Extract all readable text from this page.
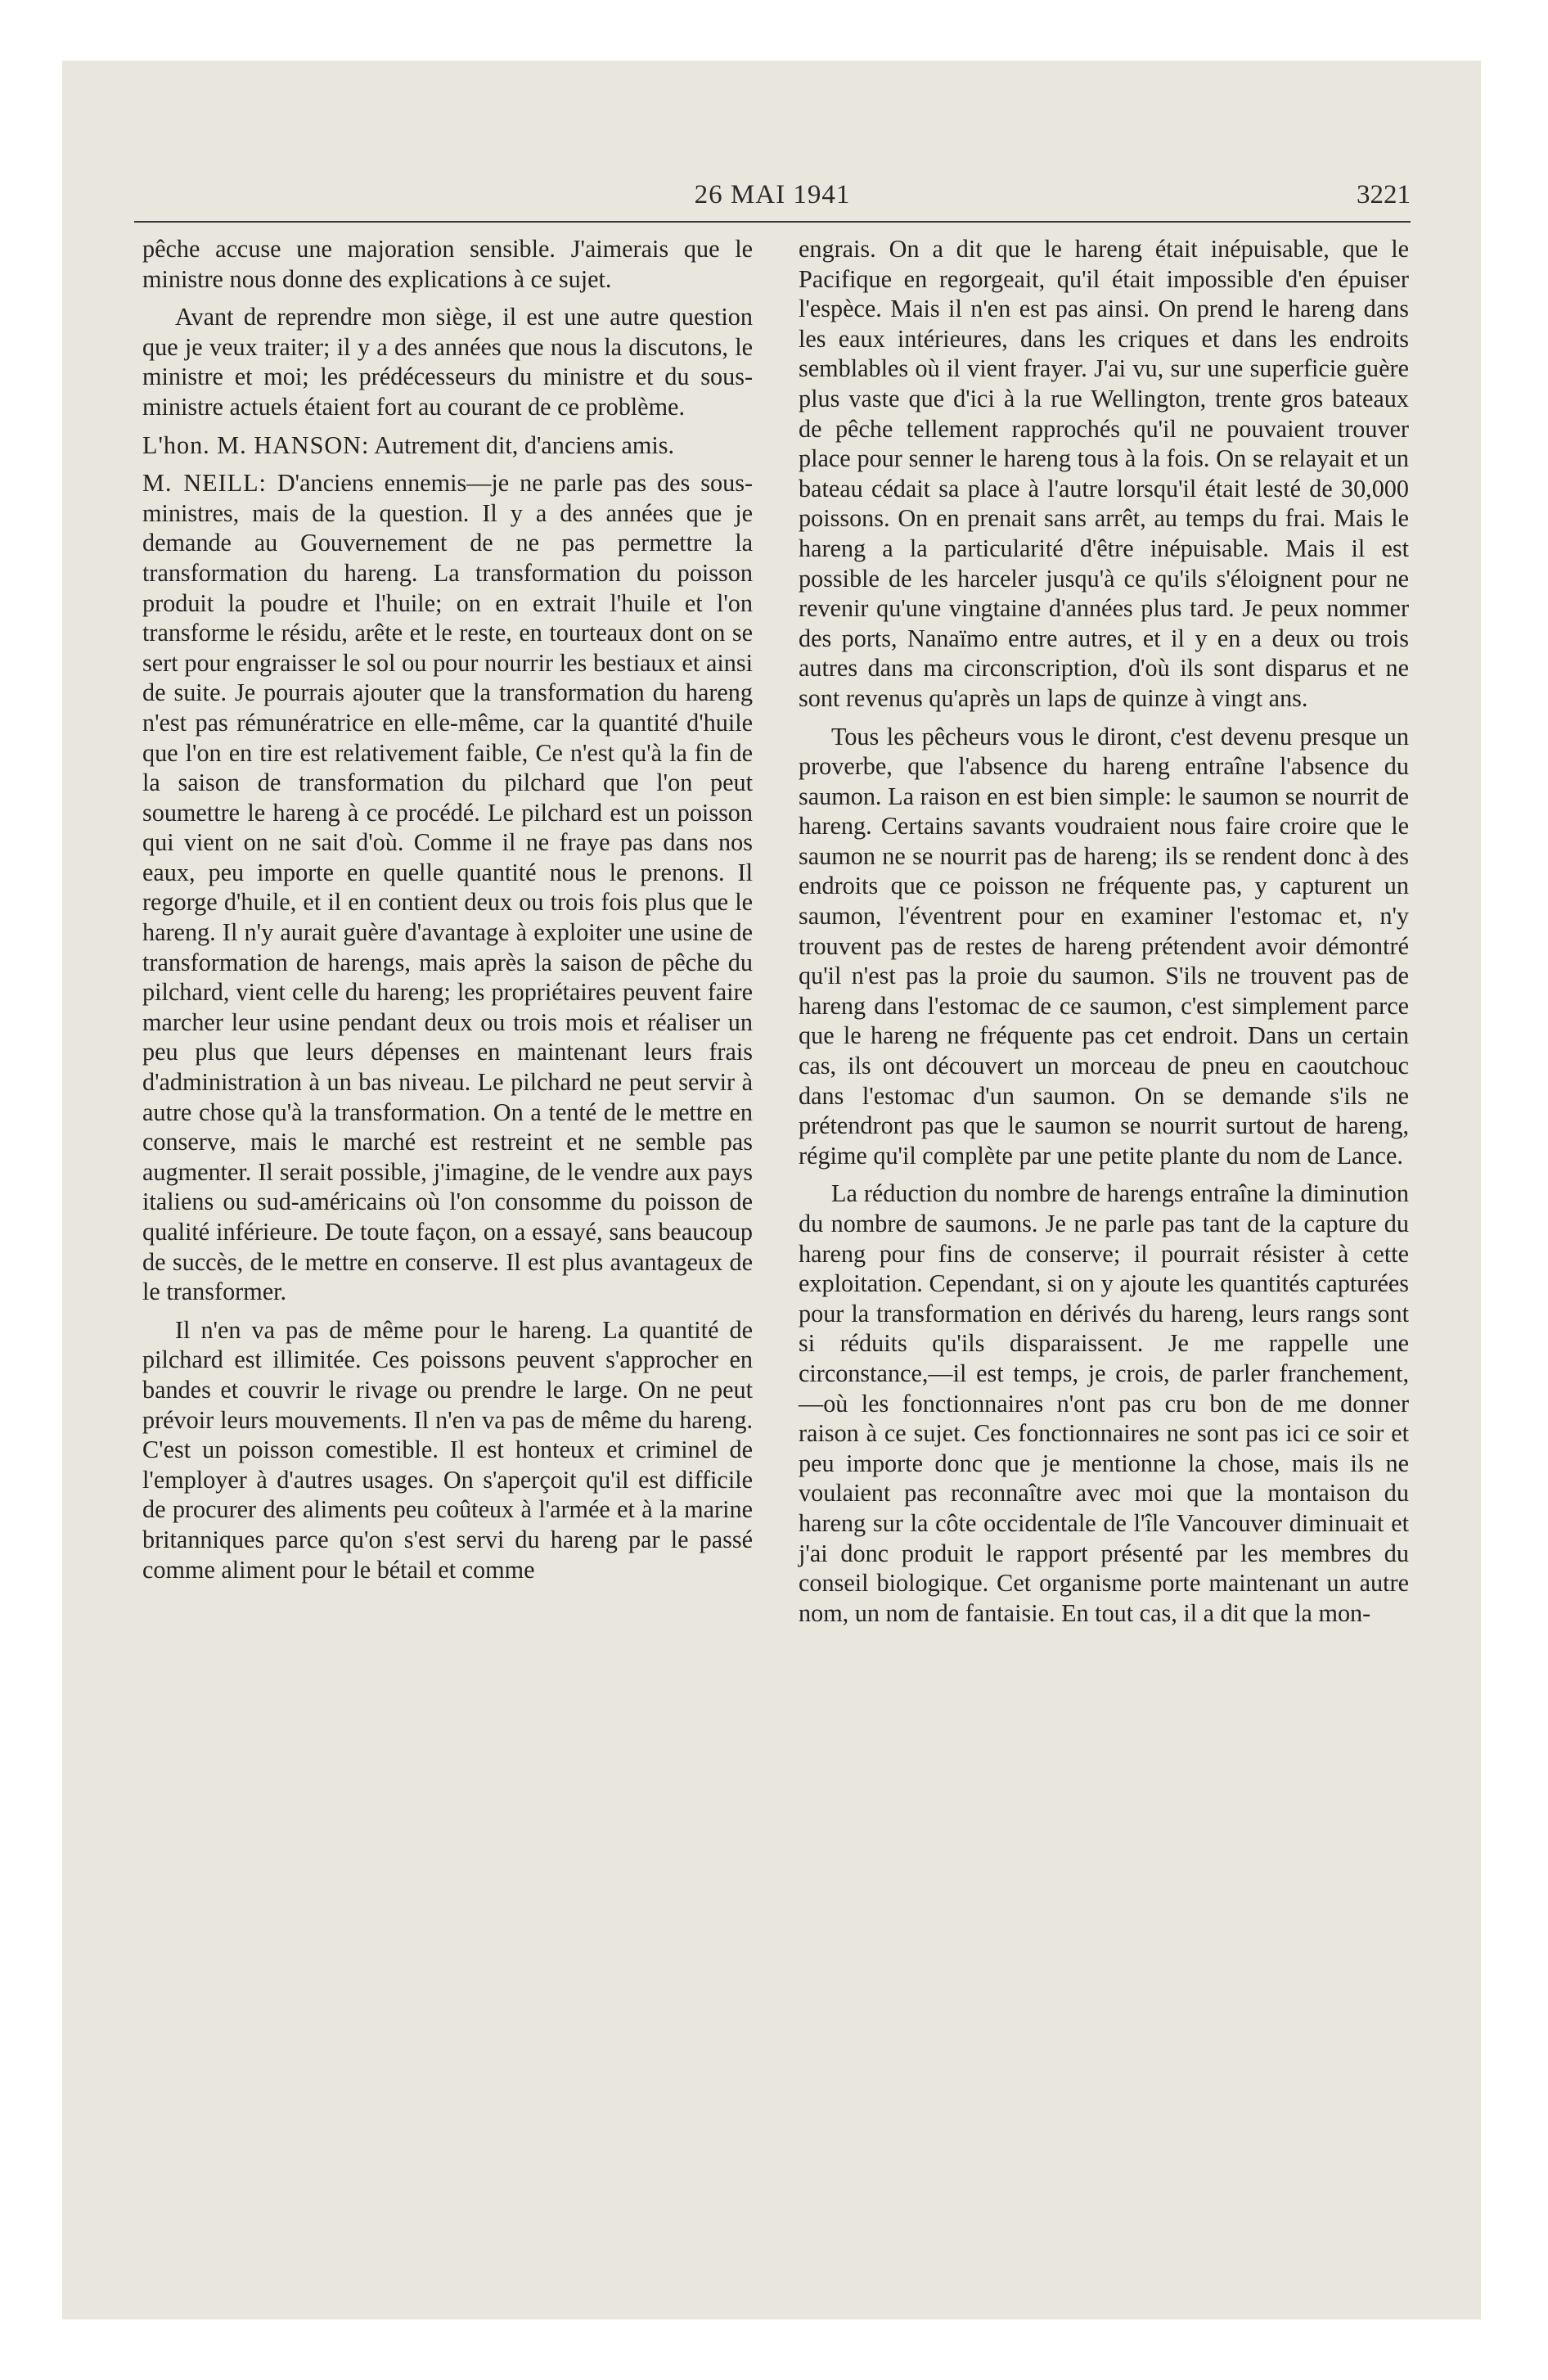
26 MAI 1941	3221

pêche accuse une majoration sensible. J'aimerais que le ministre nous donne des explications à ce sujet.

Avant de reprendre mon siège, il est une autre question que je veux traiter; il y a des années que nous la discutons, le ministre et moi; les prédécesseurs du ministre et du sous-ministre actuels étaient fort au courant de ce problème.

L'hon. M. HANSON: Autrement dit, d'anciens amis.

M. NEILL: D'anciens ennemis—je ne parle pas des sous-ministres, mais de la question. Il y a des années que je demande au Gouvernement de ne pas permettre la transformation du hareng. La transformation du poisson produit la poudre et l'huile; on en extrait l'huile et l'on transforme le résidu, arête et le reste, en tourteaux dont on se sert pour engraisser le sol ou pour nourrir les bestiaux et ainsi de suite. Je pourrais ajouter que la transformation du hareng n'est pas rémunératrice en elle-même, car la quantité d'huile que l'on en tire est relativement faible, Ce n'est qu'à la fin de la saison de transformation du pilchard que l'on peut soumettre le hareng à ce procédé. Le pilchard est un poisson qui vient on ne sait d'où. Comme il ne fraye pas dans nos eaux, peu importe en quelle quantité nous le prenons. Il regorge d'huile, et il en contient deux ou trois fois plus que le hareng. Il n'y aurait guère d'avantage à exploiter une usine de transformation de harengs, mais après la saison de pêche du pilchard, vient celle du hareng; les propriétaires peuvent faire marcher leur usine pendant deux ou trois mois et réaliser un peu plus que leurs dépenses en maintenant leurs frais d'administration à un bas niveau. Le pilchard ne peut servir à autre chose qu'à la transformation. On a tenté de le mettre en conserve, mais le marché est restreint et ne semble pas augmenter. Il serait possible, j'imagine, de le vendre aux pays italiens ou sud-américains où l'on consomme du poisson de qualité inférieure. De toute façon, on a essayé, sans beaucoup de succès, de le mettre en conserve. Il est plus avantageux de le transformer.

Il n'en va pas de même pour le hareng. La quantité de pilchard est illimitée. Ces poissons peuvent s'approcher en bandes et couvrir le rivage ou prendre le large. On ne peut prévoir leurs mouvements. Il n'en va pas de même du hareng. C'est un poisson comestible. Il est honteux et criminel de l'employer à d'autres usages. On s'aperçoit qu'il est difficile de procurer des aliments peu coûteux à l'armée et à la marine britanniques parce qu'on s'est servi du hareng par le passé comme aliment pour le bétail et comme

engrais. On a dit que le hareng était inépuisable, que le Pacifique en regorgeait, qu'il était impossible d'en épuiser l'espèce. Mais il n'en est pas ainsi. On prend le hareng dans les eaux intérieures, dans les criques et dans les endroits semblables où il vient frayer. J'ai vu, sur une superficie guère plus vaste que d'ici à la rue Wellington, trente gros bateaux de pêche tellement rapprochés qu'il ne pouvaient trouver place pour senner le hareng tous à la fois. On se relayait et un bateau cédait sa place à l'autre lorsqu'il était lesté de 30,000 poissons. On en prenait sans arrêt, au temps du frai. Mais le hareng a la particularité d'être inépuisable. Mais il est possible de les harceler jusqu'à ce qu'ils s'éloignent pour ne revenir qu'une vingtaine d'années plus tard. Je peux nommer des ports, Nanaïmo entre autres, et il y en a deux ou trois autres dans ma circonscription, d'où ils sont disparus et ne sont revenus qu'après un laps de quinze à vingt ans.

Tous les pêcheurs vous le diront, c'est devenu presque un proverbe, que l'absence du hareng entraîne l'absence du saumon. La raison en est bien simple: le saumon se nourrit de hareng. Certains savants voudraient nous faire croire que le saumon ne se nourrit pas de hareng; ils se rendent donc à des endroits que ce poisson ne fréquente pas, y capturent un saumon, l'éventrent pour en examiner l'estomac et, n'y trouvent pas de restes de hareng prétendent avoir démontré qu'il n'est pas la proie du saumon. S'ils ne trouvent pas de hareng dans l'estomac de ce saumon, c'est simplement parce que le hareng ne fréquente pas cet endroit. Dans un certain cas, ils ont découvert un morceau de pneu en caoutchouc dans l'estomac d'un saumon. On se demande s'ils ne prétendront pas que le saumon se nourrit surtout de hareng, régime qu'il complète par une petite plante du nom de Lance.

La réduction du nombre de harengs entraîne la diminution du nombre de saumons. Je ne parle pas tant de la capture du hareng pour fins de conserve; il pourrait résister à cette exploitation. Cependant, si on y ajoute les quantités capturées pour la transformation en dérivés du hareng, leurs rangs sont si réduits qu'ils disparaissent. Je me rappelle une circonstance,—il est temps, je crois, de parler franchement,—où les fonctionnaires n'ont pas cru bon de me donner raison à ce sujet. Ces fonctionnaires ne sont pas ici ce soir et peu importe donc que je mentionne la chose, mais ils ne voulaient pas reconnaître avec moi que la montaison du hareng sur la côte occidentale de l'île Vancouver diminuait et j'ai donc produit le rapport présenté par les membres du conseil biologique. Cet organisme porte maintenant un autre nom, un nom de fantaisie. En tout cas, il a dit que la mon-
